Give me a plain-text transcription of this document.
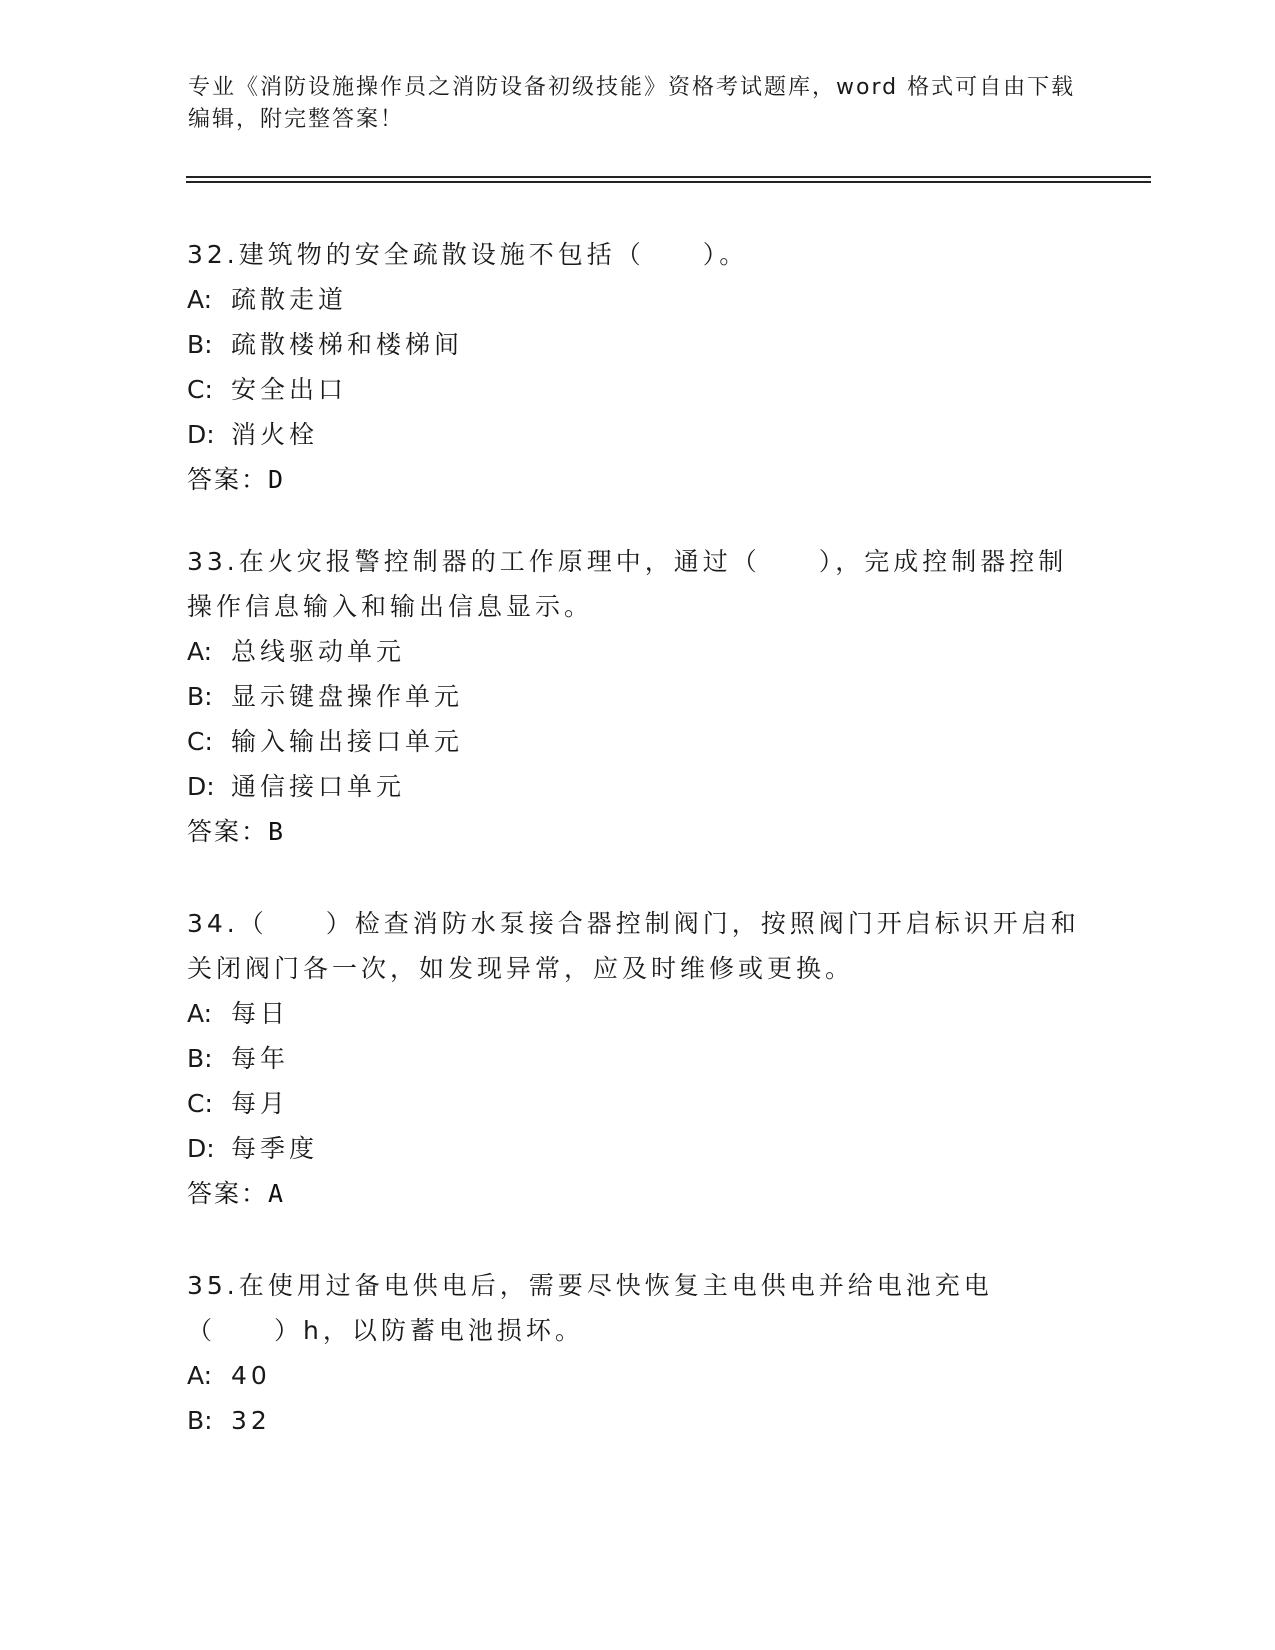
专业《消防设施操作员之消防设备初级技能》资格考试题库，word 格式可自由下载编辑，附完整答案！
32.建筑物的安全疏散设施不包括（　　）。
A: 疏散走道
B: 疏散楼梯和楼梯间
C: 安全出口
D: 消火栓
答案：D
33.在火灾报警控制器的工作原理中，通过（　　），完成控制器控制操作信息输入和输出信息显示。
A: 总线驱动单元
B: 显示键盘操作单元
C: 输入输出接口单元
D: 通信接口单元
答案：B
34.（　　）检查消防水泵接合器控制阀门，按照阀门开启标识开启和关闭阀门各一次，如发现异常，应及时维修或更换。
A: 每日
B: 每年
C: 每月
D: 每季度
答案：A
35.在使用过备电供电后，需要尽快恢复主电供电并给电池充电（　　）h，以防蓄电池损坏。
A: 40
B: 32
